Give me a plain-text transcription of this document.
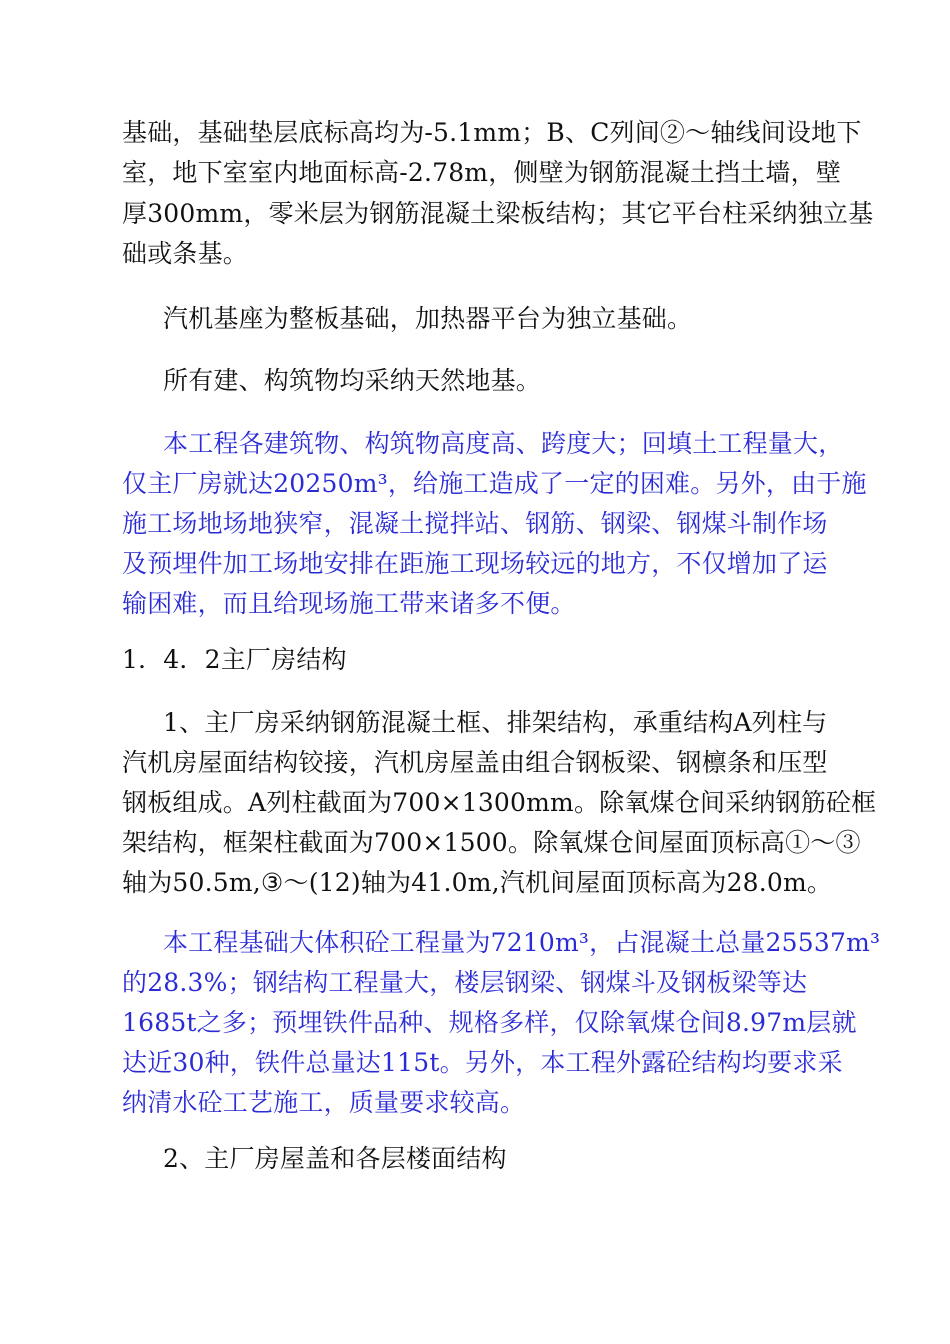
基础，基础垫层底标高均为-5.1mm；B、C列间②～轴线间设地下
室，地下室室内地面标高-2.78m，侧壁为钢筋混凝土挡土墙，壁
厚300mm，零米层为钢筋混凝土梁板结构；其它平台柱采纳独立基
础或条基。
汽机基座为整板基础，加热器平台为独立基础。
所有建、构筑物均采纳天然地基。
本工程各建筑物、构筑物高度高、跨度大；回填土工程量大，
仅主厂房就达20250m³，给施工造成了一定的困难。另外，由于施
施工场地场地狭窄，混凝土搅拌站、钢筋、钢梁、钢煤斗制作场
及预埋件加工场地安排在距施工现场较远的地方，不仅增加了运
输困难，而且给现场施工带来诸多不便。
1．4．2主厂房结构
1、主厂房采纳钢筋混凝土框、排架结构，承重结构A列柱与
汽机房屋面结构铰接，汽机房屋盖由组合钢板梁、钢檩条和压型
钢板组成。A列柱截面为700×1300mm。除氧煤仓间采纳钢筋砼框
架结构，框架柱截面为700×1500。除氧煤仓间屋面顶标高①～③
轴为50.5m,③～(12)轴为41.0m,汽机间屋面顶标高为28.0m。
本工程基础大体积砼工程量为7210m³，占混凝土总量25537m³
的28.3%；钢结构工程量大，楼层钢梁、钢煤斗及钢板梁等达
1685t之多；预埋铁件品种、规格多样，仅除氧煤仓间8.97m层就
达近30种，铁件总量达115t。另外，本工程外露砼结构均要求采
纳清水砼工艺施工，质量要求较高。
2、主厂房屋盖和各层楼面结构
